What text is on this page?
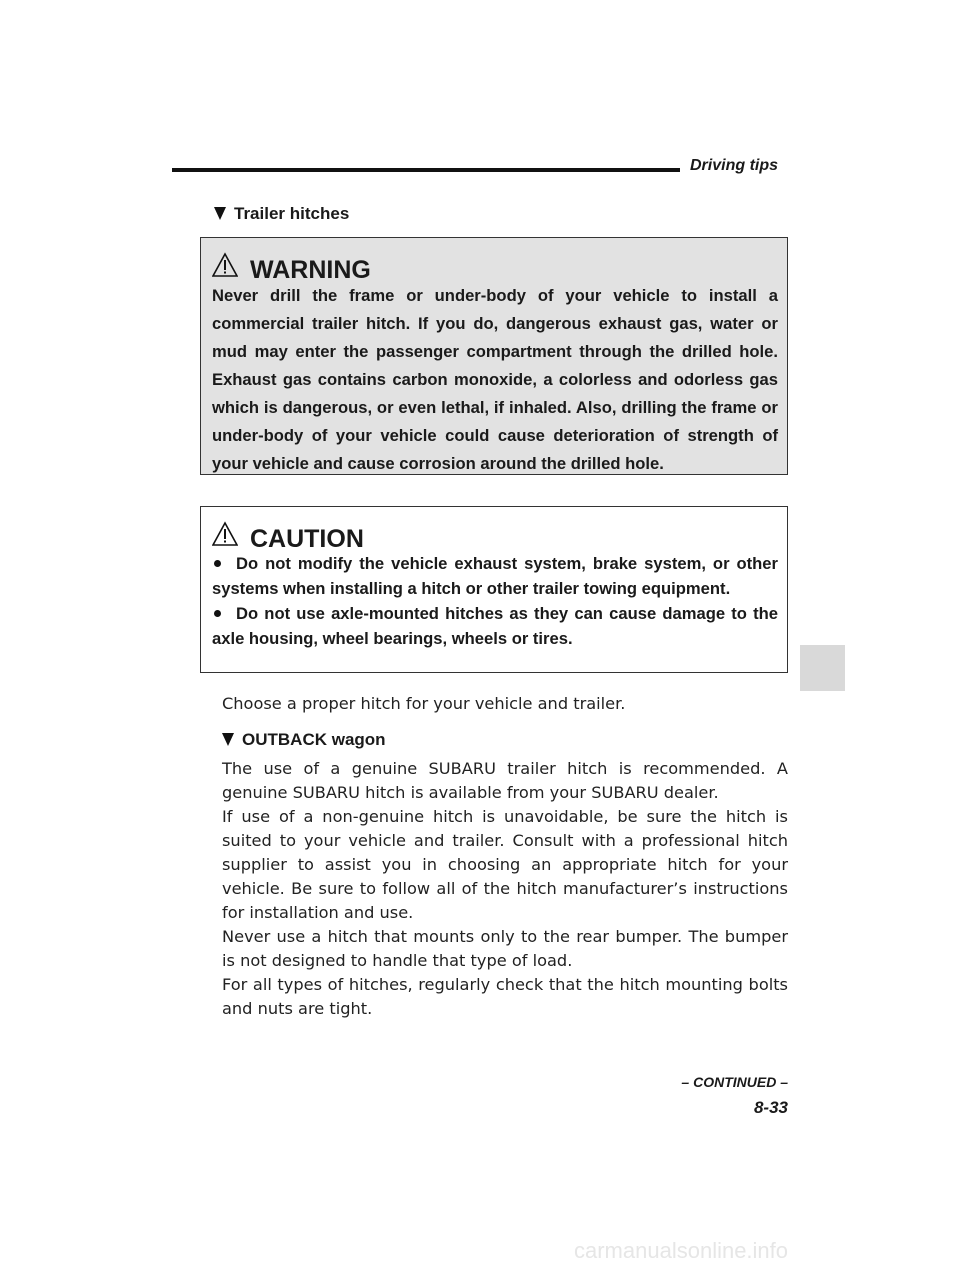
Driving tips
Trailer hitches
WARNING
Never drill the frame or under-body of your vehicle to install a commercial trailer hitch. If you do, dangerous exhaust gas, water or mud may enter the passenger compartment through the drilled hole. Exhaust gas contains carbon monoxide, a colorless and odorless gas which is dangerous, or even lethal, if inhaled. Also, drilling the frame or under-body of your vehicle could cause deterioration of strength of your vehicle and cause corrosion around the drilled hole.
CAUTION
Do not modify the vehicle exhaust system, brake system, or other systems when installing a hitch or other trailer towing equipment.
Do not use axle-mounted hitches as they can cause damage to the axle housing, wheel bearings, wheels or tires.

Choose a proper hitch for your vehicle and trailer.

OUTBACK wagon

The use of a genuine SUBARU trailer hitch is recommended. A genuine SUBARU hitch is available from your SUBARU dealer.

If use of a non-genuine hitch is unavoidable, be sure the hitch is suited to your vehicle and trailer. Consult with a professional hitch supplier to assist you in choosing an appropriate hitch for your vehicle. Be sure to follow all of the hitch manufacturer’s instructions for installation and use.

Never use a hitch that mounts only to the rear bumper. The bumper is not designed to handle that type of load.

For all types of hitches, regularly check that the hitch mounting bolts and nuts are tight.

– CONTINUED –
8-33
carmanualsonline.info
